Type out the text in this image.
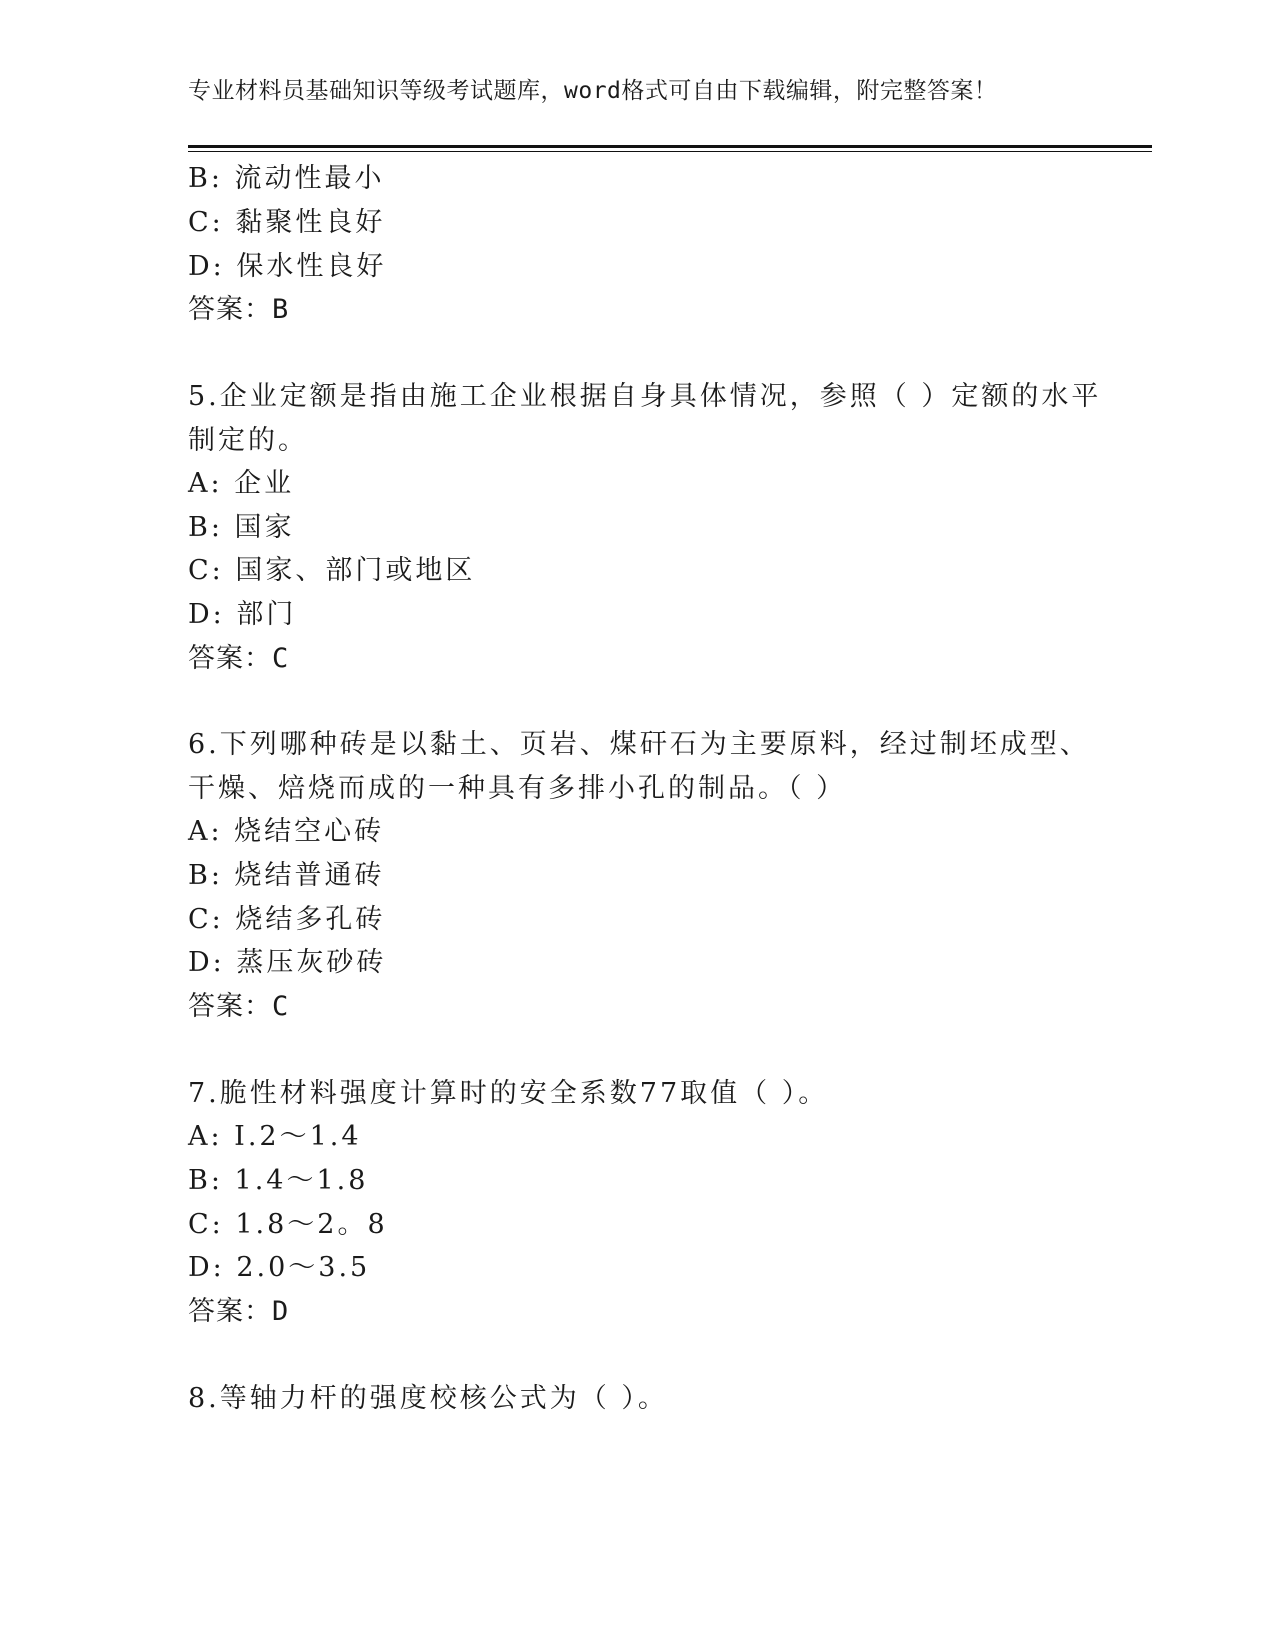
专业材料员基础知识等级考试题库，word格式可自由下载编辑，附完整答案！
B: 流动性最小
C: 黏聚性良好
D: 保水性良好
答案：B
5.企业定额是指由施工企业根据自身具体情况，参照（ ）定额的水平
制定的。
A: 企业
B: 国家
C: 国家、部门或地区
D: 部门
答案：C
6.下列哪种砖是以黏土、页岩、煤矸石为主要原料，经过制坯成型、
干燥、焙烧而成的一种具有多排小孔的制品。（ ）
A: 烧结空心砖
B: 烧结普通砖
C: 烧结多孔砖
D: 蒸压灰砂砖
答案：C
7.脆性材料强度计算时的安全系数77取值（ ）。
A: I.2～1.4
B: 1.4～1.8
C: 1.8～2。8
D: 2.0～3.5
答案：D
8.等轴力杆的强度校核公式为（ ）。
